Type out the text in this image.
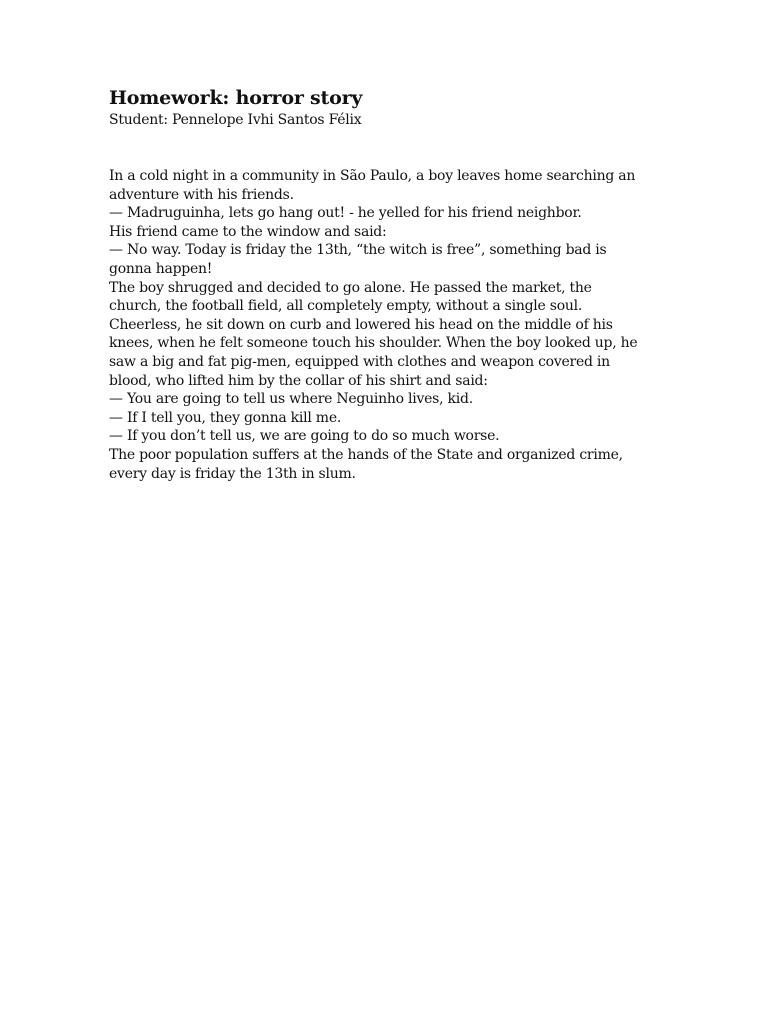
Homework: horror story

Student: Pennelope Ivhi Santos Félix

In a cold night in a community in São Paulo, a boy leaves home searching an
adventure with his friends.
— Madruguinha, lets go hang out! - he yelled for his friend neighbor.
His friend came to the window and said:
— No way. Today is friday the 13th, “the witch is free”, something bad is
gonna happen!
The boy shrugged and decided to go alone. He passed the market, the
church, the football field, all completely empty, without a single soul.
Cheerless, he sit down on curb and lowered his head on the middle of his
knees, when he felt someone touch his shoulder. When the boy looked up, he
saw a big and fat pig-men, equipped with clothes and weapon covered in
blood, who lifted him by the collar of his shirt and said:
— You are going to tell us where Neguinho lives, kid.
— If I tell you, they gonna kill me.
— If you don’t tell us, we are going to do so much worse.
The poor population suffers at the hands of the State and organized crime,
every day is friday the 13th in slum.
